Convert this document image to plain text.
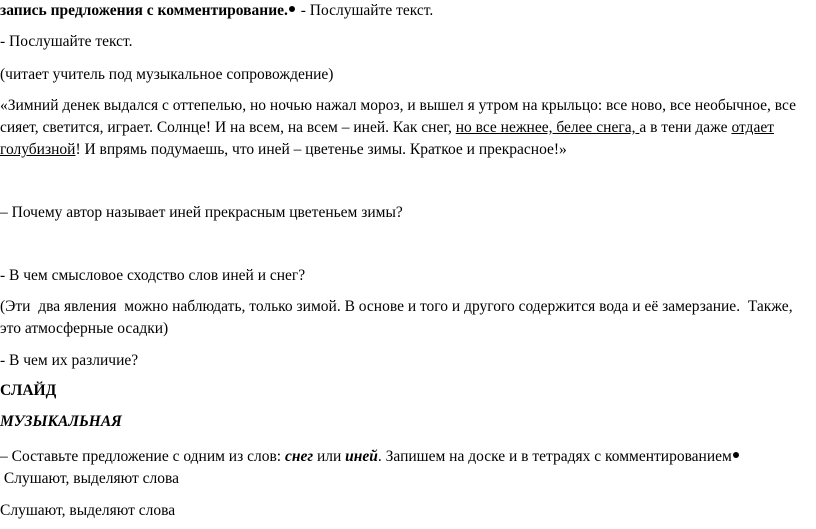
запись предложения с комментирование. - Послушайте текст.
- Послушайте текст.
(читает учитель под музыкальное сопровождение)
«Зимний денек выдался с оттепелью, но ночью нажал мороз, и вышел я утром на крыльцо: все ново, все необычное, все сияет, светится, играет. Солнце! И на всем, на всем – иней. Как снег, но все нежнее, белее снега, а в тени даже отдает голубизной! И впрямь подумаешь, что иней – цветенье зимы. Краткое и прекрасное!»
– Почему автор называет иней прекрасным цветеньем зимы?
- В чем смысловое сходство слов иней и снег?
(Эти  два явления  можно наблюдать, только зимой. В основе и того и другого содержится вода и её замерзание.  Также, это атмосферные осадки)
- В чем их различие?
СЛАЙД
МУЗЫКАЛЬНАЯ
– Составьте предложение с одним из слов: снег или иней. Запишем на доске и в тетрадях с комментированием Слушают, выделяют слова
Слушают, выделяют слова
